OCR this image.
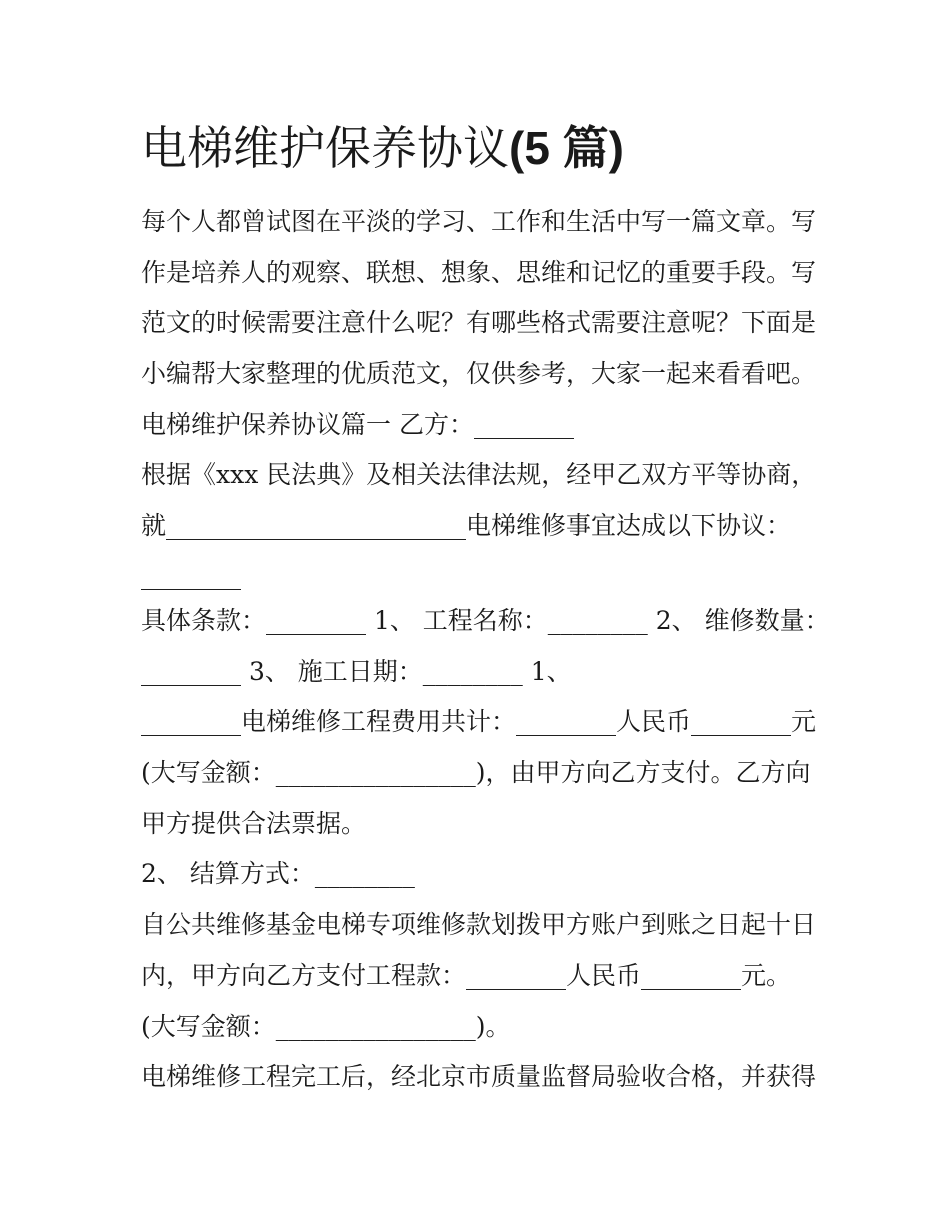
电梯维护保养协议(5 篇)

每个人都曾试图在平淡的学习、工作和生活中写一篇文章。写

作是培养人的观察、联想、想象、思维和记忆的重要手段。写

范文的时候需要注意什么呢？有哪些格式需要注意呢？下面是

小编帮大家整理的优质范文，仅供参考，大家一起来看看吧。

电梯维护保养协议篇一 乙方：________

根据《xxx 民法典》及相关法律法规，经甲乙双方平等协商，

就________________________电梯维修事宜达成以下协议：

________

具体条款：________ 1、 工程名称：________ 2、 维修数量：

________ 3、 施工日期：________ 1、

________电梯维修工程费用共计：________人民币________元

(大写金额：________________)，由甲方向乙方支付。乙方向

甲方提供合法票据。

2、 结算方式：________

自公共维修基金电梯专项维修款划拨甲方账户到账之日起十日

内，甲方向乙方支付工程款：________人民币________元。

(大写金额：________________)。

电梯维修工程完工后，经北京市质量监督局验收合格，并获得
